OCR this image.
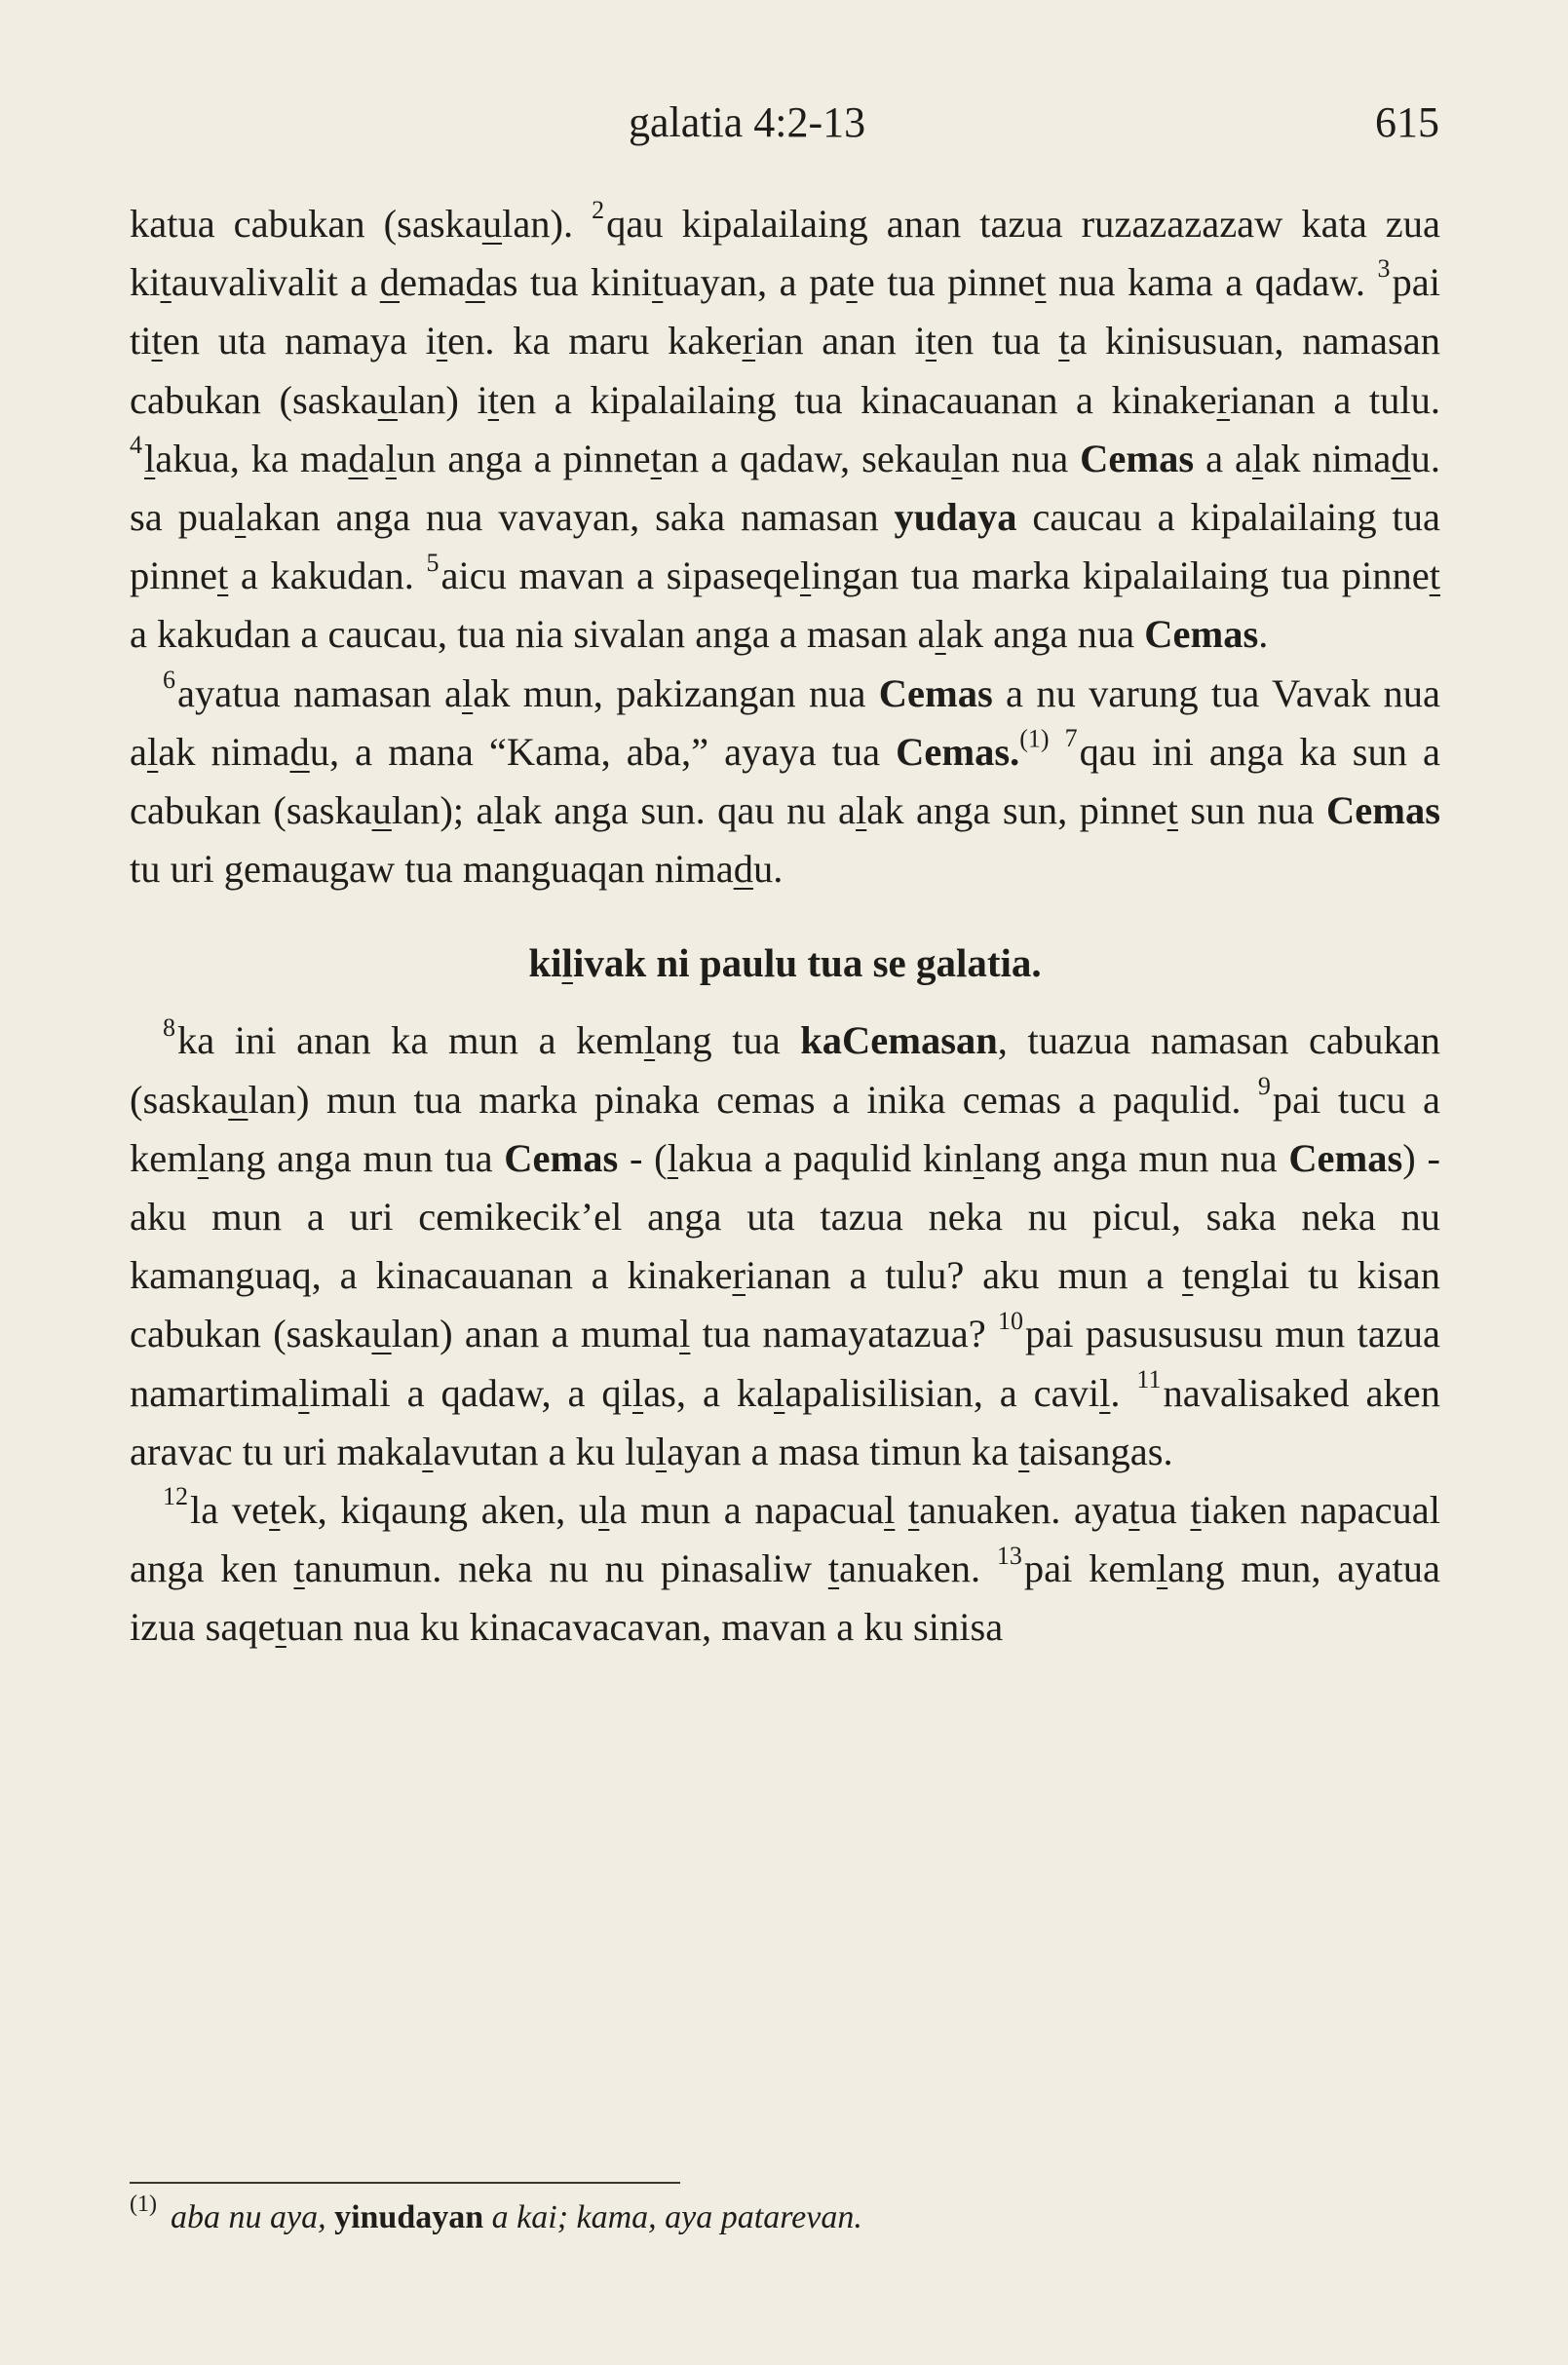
galatia 4:2-13	615

katua cabukan (saskaulan). $^2$qau kipalailaing anan tazua ruzazazazaw kata zua kitauvalivalit a demadas tua kinituayan, a pate tua pinnet nua kama a qadaw. $^3$pai titen uta namaya iten. ka maru kakerian anan iten tua ta kinisusuan, namasan cabukan (saskaulan) iten a kipalailaing tua kinacauanan a kinakerianan a tulu. $^4$lakua, ka madalun anga a pinnetan a qadaw, sekaulan nua Cemas a alak nimadu. sa pualakan anga nua vavayan, saka namasan yudaya caucau a kipalailaing tua pinnet a kakudan. $^5$aicu mavan a sipaseqelingan tua marka kipalailaing tua pinnet a kakudan a caucau, tua nia sivalan anga a masan alak anga nua Cemas.

$^6$ayatua namasan alak mun, pakizangan nua Cemas a nu varung tua Vavak nua alak nimadu, a mana “Kama, aba,” ayaya tua Cemas.$^{(1)}$ $^7$qau ini anga ka sun a cabukan (saskaulan); alak anga sun. qau nu alak anga sun, pinnet sun nua Cemas tu uri gemaugaw tua manguaqan nimadu.

kilivak ni paulu tua se galatia.

$^8$ka ini anan ka mun a kemlang tua kaCemasan, tuazua namasan cabukan (saskaulan) mun tua marka pinaka cemas a inika cemas a paqulid. $^9$pai tucu a kemlang anga mun tua Cemas - (lakua a paqulid kinlang anga mun nua Cemas) - aku mun a uri cemikecik’el anga uta tazua neka nu picul, saka neka nu kamanguaq, a kinacauanan a kinakerianan a tulu? aku mun a tenglai tu kisan cabukan (saskaulan) anan a mumal tua namayatazua? $^{10}$pai pasusususu mun tazua namartimalimali a qadaw, a qilas, a kalapalisilisian, a cavil. $^{11}$navalisaked aken aravac tu uri makalavutan a ku lulayan a masa timun ka taisangas.

$^{12}$la vetek, kiqaung aken, ula mun a napacual tanuaken. ayatua tiaken napacual anga ken tanumun. neka nu nu pinasaliw tanuaken. $^{13}$pai kemlang mun, ayatua izua saqetuan nua ku kinacavacavan, mavan a ku sinisa

$^{(1)}$ aba nu aya, yinudayan a kai; kama, aya patarevan.
